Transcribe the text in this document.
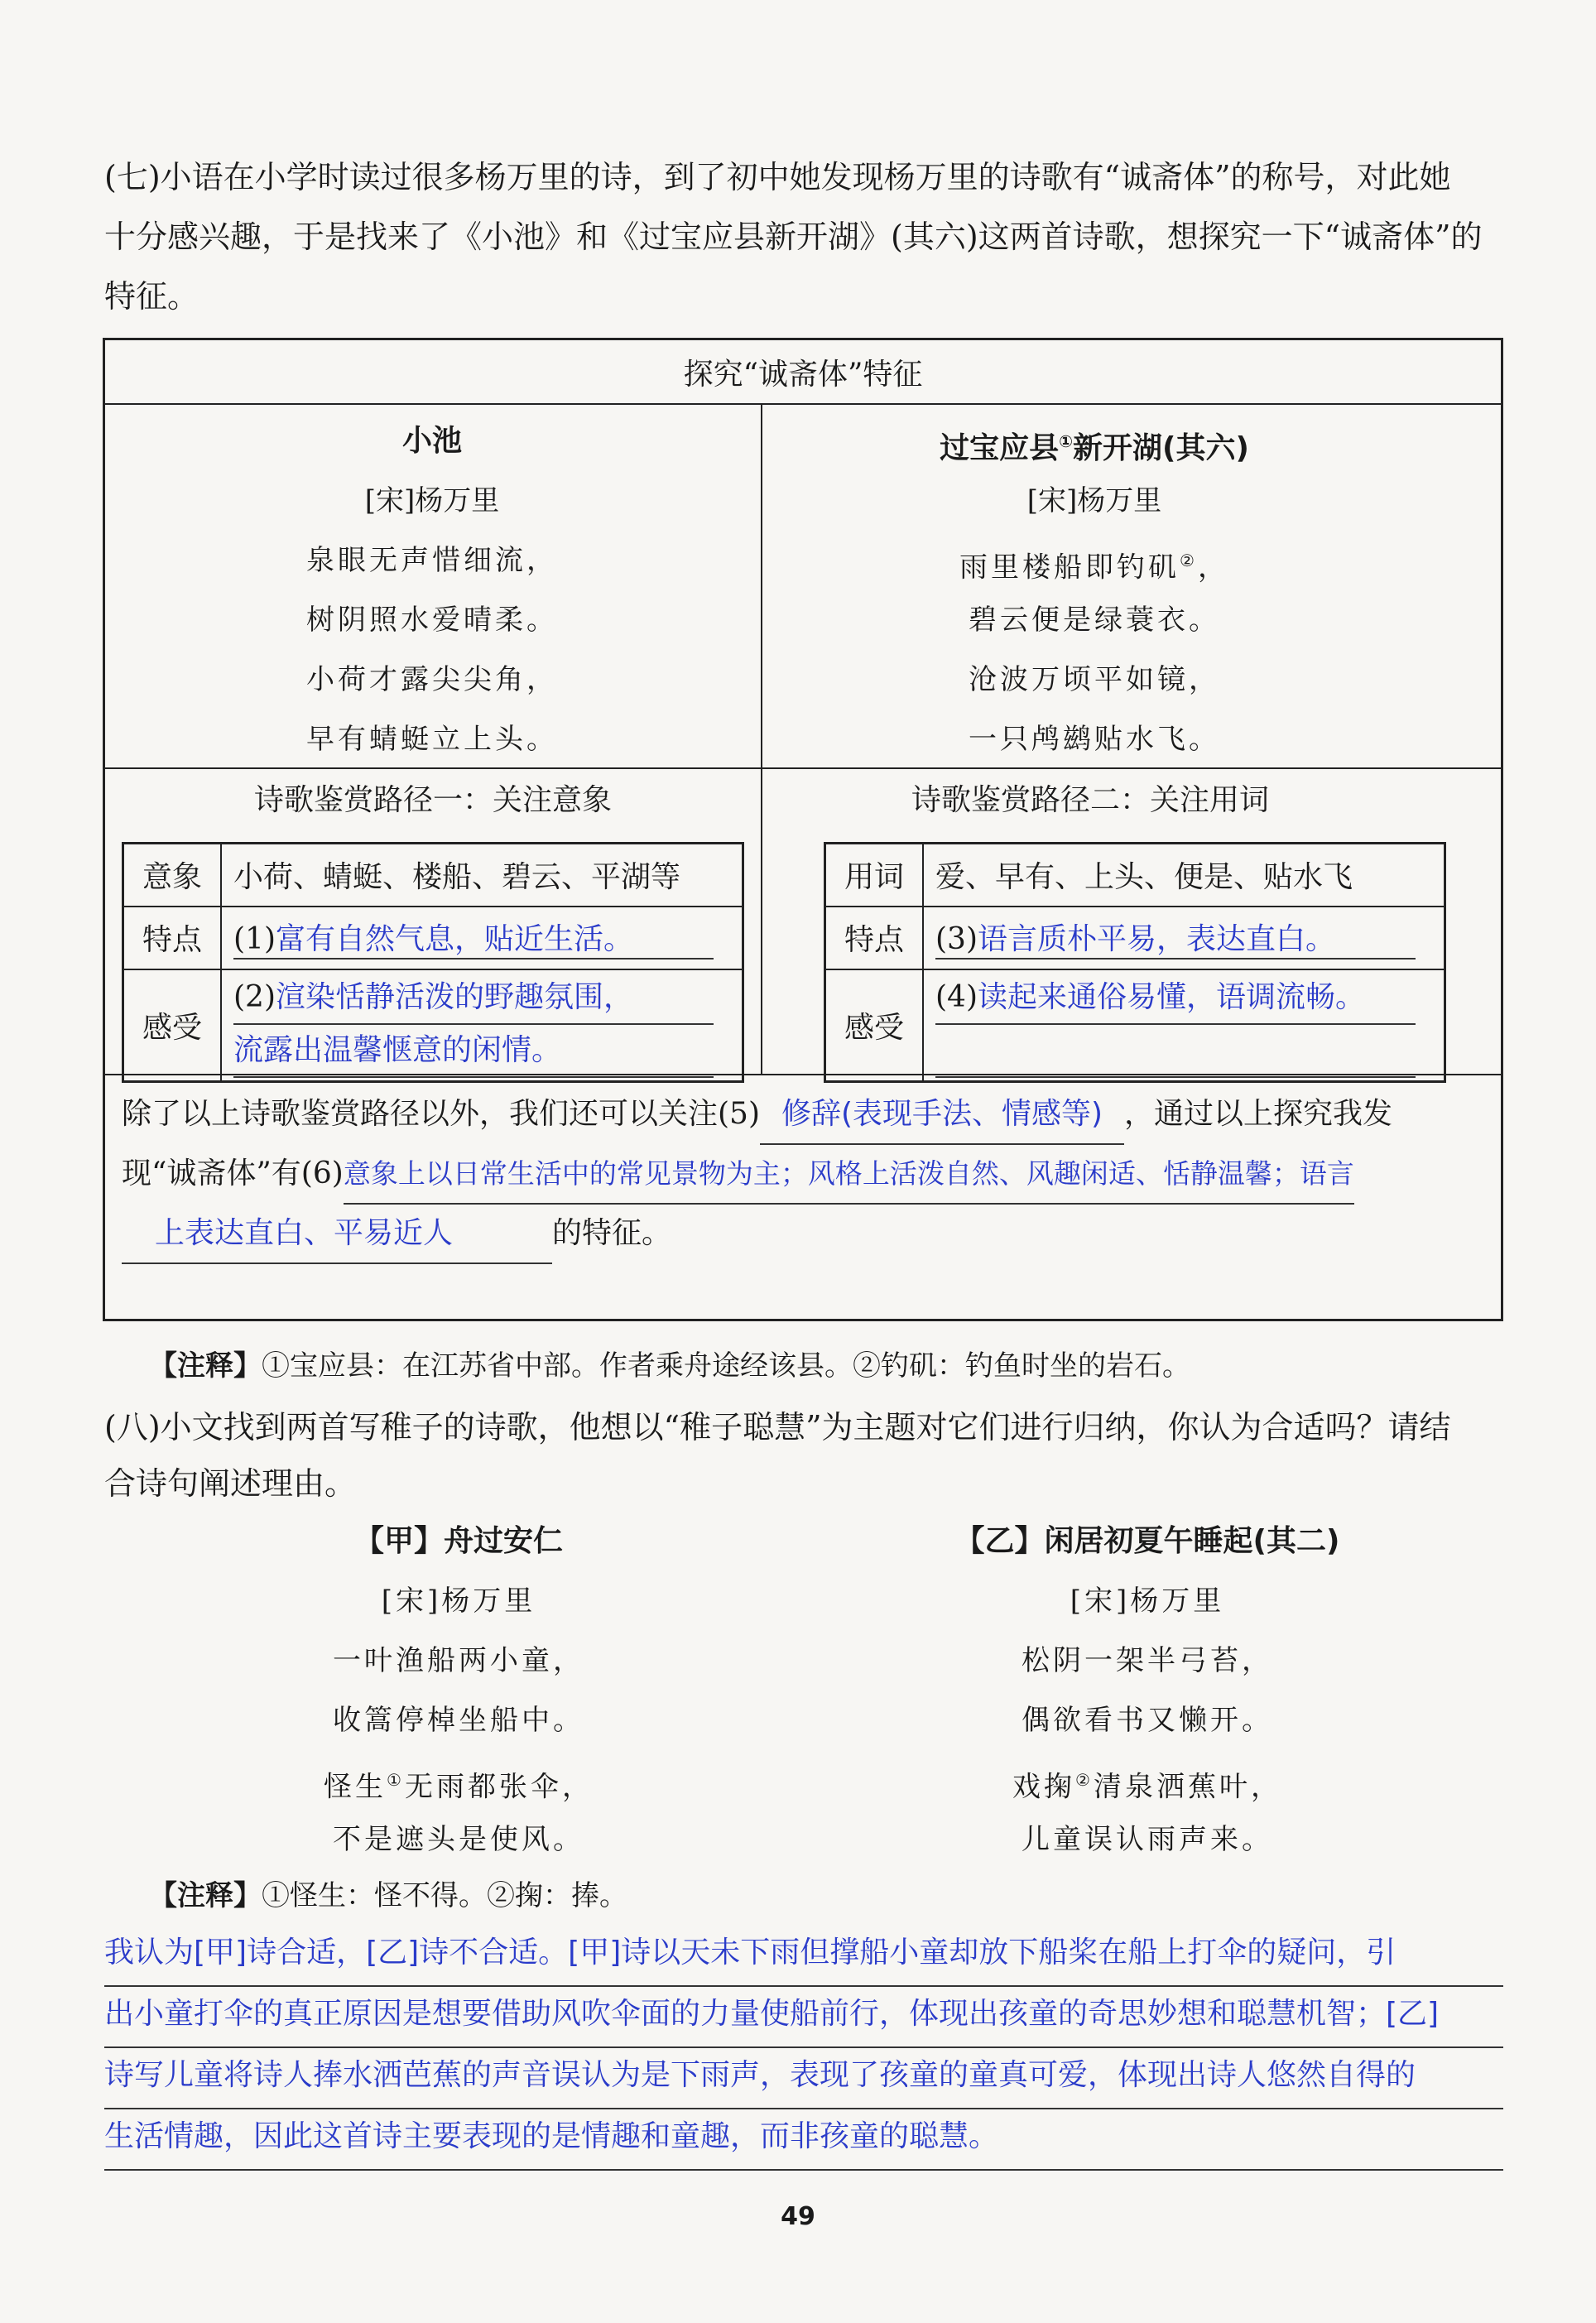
(七)小语在小学时读过很多杨万里的诗，到了初中她发现杨万里的诗歌有“诚斋体”的称号，对此她

十分感兴趣，于是找来了《小池》和《过宝应县新开湖》(其六)这两首诗歌，想探究一下“诚斋体”的

特征。

探究“诚斋体”特征
小池
[宋]杨万里
泉眼无声惜细流，
树阴照水爱晴柔。
小荷才露尖尖角，
早有蜻蜓立上头。
过宝应县①新开湖(其六)
[宋]杨万里
雨里楼船即钓矶②，
碧云便是绿蓑衣。
沧波万顷平如镜，
一只鸬鹚贴水飞。
诗歌鉴赏路径一：关注意象	诗歌鉴赏路径二：关注用词
意象	小荷、蜻蜓、楼船、碧云、平湖等
特点	(1)富有自然气息，贴近生活。
感受	(2)渲染恬静活泼的野趣氛围，
流露出温馨惬意的闲情。
用词	爱、早有、上头、便是、贴水飞
特点	(3)语言质朴平易，表达直白。
感受	(4)读起来通俗易懂，语调流畅。

除了以上诗歌鉴赏路径以外，我们还可以关注(5) 修辞(表现手法、情感等) ，通过以上探究我发
现“诚斋体”有(6)意象上以日常生活中的常见景物为主；风格上活泼自然、风趣闲适、恬静温馨；语言
上表达直白、平易近人	的特征。
【注释】①宝应县：在江苏省中部。作者乘舟途经该县。②钓矶：钓鱼时坐的岩石。

(八)小文找到两首写稚子的诗歌，他想以“稚子聪慧”为主题对它们进行归纳，你认为合适吗？请结

合诗句阐述理由。

【甲】舟过安仁
[宋]杨万里
一叶渔船两小童，
收篙停棹坐船中。
怪生①无雨都张伞，
不是遮头是使风。
【乙】闲居初夏午睡起(其二)
[宋]杨万里
松阴一架半弓苔，
偶欲看书又懒开。
戏掬②清泉洒蕉叶，
儿童误认雨声来。
【注释】①怪生：怪不得。②掬：捧。
我认为[甲]诗合适，[乙]诗不合适。[甲]诗以天未下雨但撑船小童却放下船桨在船上打伞的疑问，引
出小童打伞的真正原因是想要借助风吹伞面的力量使船前行，体现出孩童的奇思妙想和聪慧机智；[乙]
诗写儿童将诗人捧水洒芭蕉的声音误认为是下雨声，表现了孩童的童真可爱，体现出诗人悠然自得的
生活情趣，因此这首诗主要表现的是情趣和童趣，而非孩童的聪慧。
49
